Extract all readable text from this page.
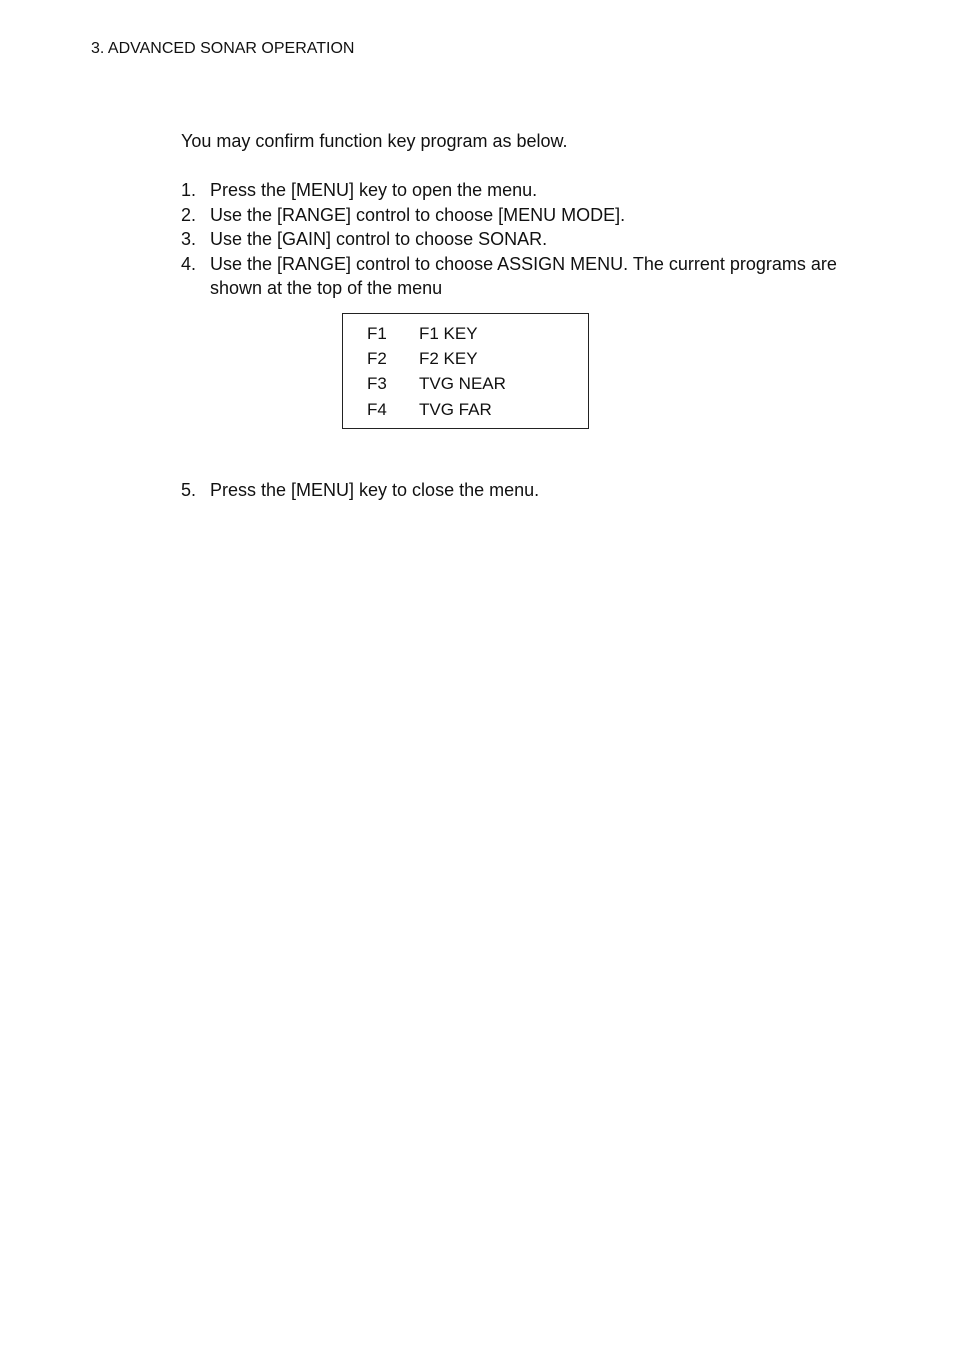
3. ADVANCED SONAR OPERATION

You may confirm function key program as below.

1. Press the [MENU] key to open the menu.
2. Use the [RANGE] control to choose [MENU MODE].
3. Use the [GAIN] control to choose SONAR.
4. Use the [RANGE] control to choose ASSIGN MENU. The current programs are shown at the top of the menu
F1 F1 KEY
F2 F2 KEY
F3 TVG NEAR
F4 TVG FAR
5. Press the [MENU] key to close the menu.
